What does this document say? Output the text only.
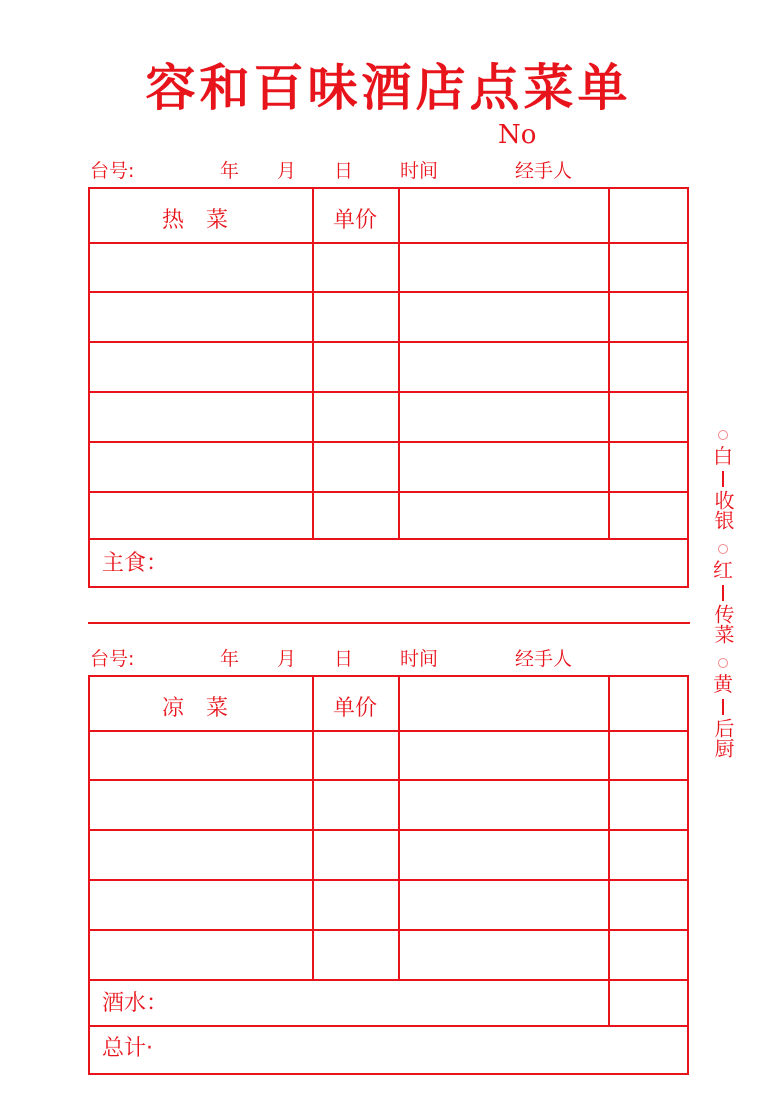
容和百味酒店点菜单
No
台号:	年 月 日 时间	经手人
热　菜	单价
主食：
台号:	年 月 日 时间	经手人
凉　菜	单价
酒水：
总计·
白
收银
红
传菜
黄
后厨
